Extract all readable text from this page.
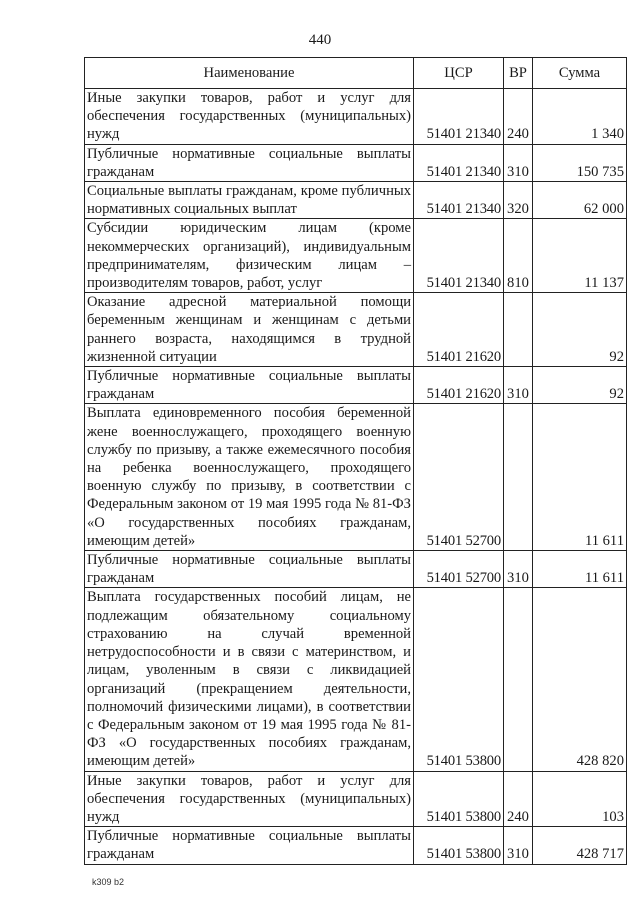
440
Наименование	ЦСР	ВР	Сумма
Иные закупки товаров, работ и услуг для обеспечения государственных (муниципальных) нужд	51401 21340	240	1 340
Публичные нормативные социальные выплаты гражданам	51401 21340	310	150 735
Социальные выплаты гражданам, кроме публичных нормативных социальных выплат	51401 21340	320	62 000
Субсидии юридическим лицам (кроме некоммерческих организаций), индивидуальным предпринимателям, физическим лицам – производителям товаров, работ, услуг	51401 21340	810	11 137
Оказание адресной материальной помощи беременным женщинам и женщинам с детьми раннего возраста, находящимся в трудной жизненной ситуации	51401 21620		92
Публичные нормативные социальные выплаты гражданам	51401 21620	310	92
Выплата единовременного пособия беременной жене военнослужащего, проходящего военную службу по призыву, а также ежемесячного пособия на ребенка военнослужащего, проходящего военную службу по призыву, в соответствии с Федеральным законом от 19 мая 1995 года № 81-ФЗ «О государственных пособиях гражданам, имеющим детей»	51401 52700		11 611
Публичные нормативные социальные выплаты гражданам	51401 52700	310	11 611
Выплата государственных пособий лицам, не подлежащим обязательному социальному страхованию на случай временной нетрудоспособности и в связи с материнством, и лицам, уволенным в связи с ликвидацией организаций (прекращением деятельности, полномочий физическими лицами), в соответствии с Федеральным законом от 19 мая 1995 года № 81-ФЗ «О государственных пособиях гражданам, имеющим детей»	51401 53800		428 820
Иные закупки товаров, работ и услуг для обеспечения государственных (муниципальных) нужд	51401 53800	240	103
Публичные нормативные социальные выплаты гражданам	51401 53800	310	428 717
k309 b2
